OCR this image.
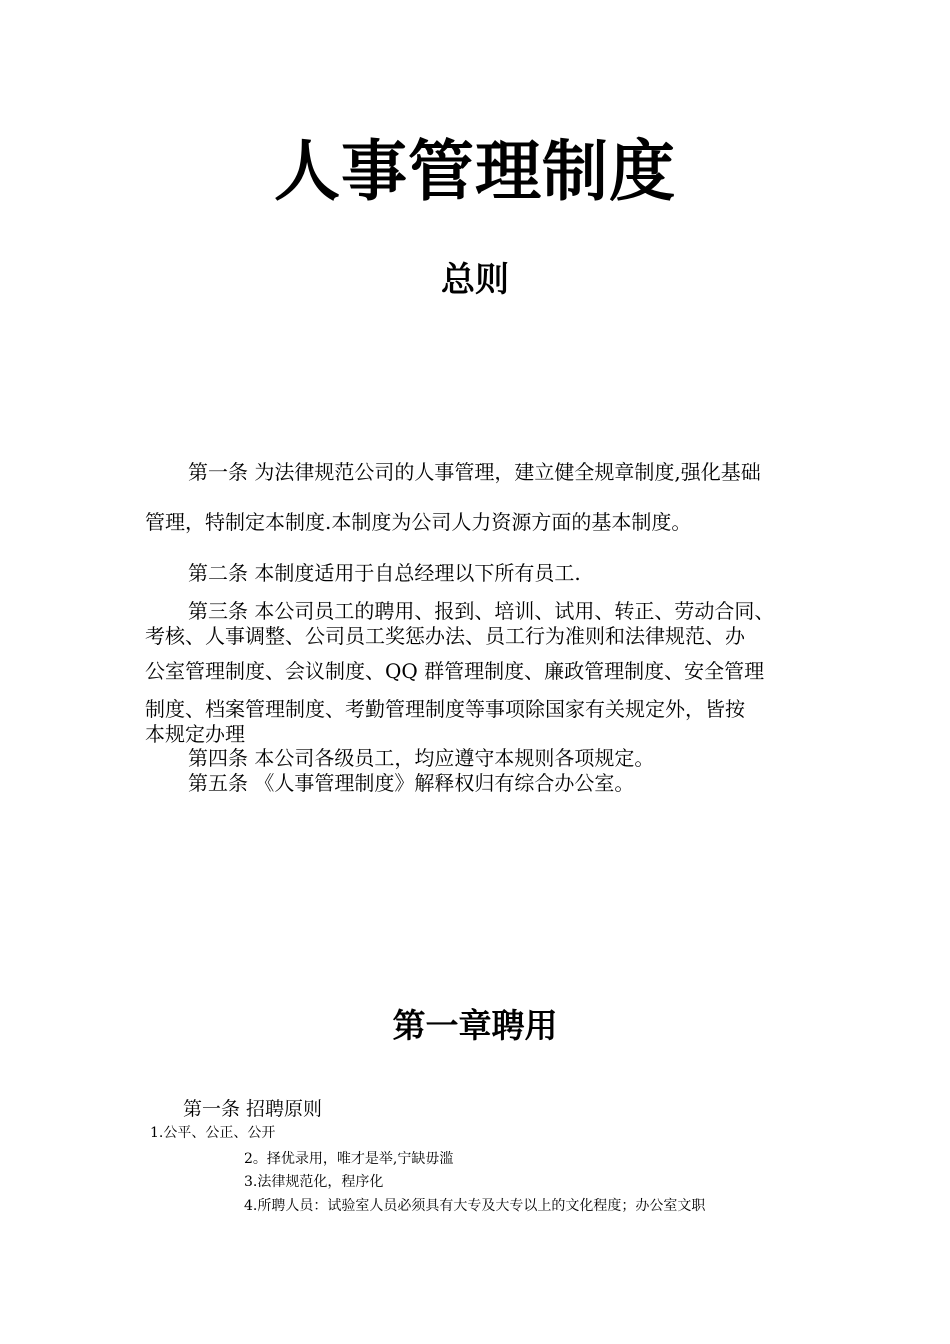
人事管理制度
总则
第一条 为法律规范公司的人事管理，建立健全规章制度,强化基础
管理，特制定本制度.本制度为公司人力资源方面的基本制度。
第二条 本制度适用于自总经理以下所有员工.
第三条 本公司员工的聘用、报到、培训、试用、转正、劳动合同、
考核、人事调整、公司员工奖惩办法、员工行为准则和法律规范、办
公室管理制度、会议制度、QQ 群管理制度、廉政管理制度、安全管理
制度、档案管理制度、考勤管理制度等事项除国家有关规定外，皆按
本规定办理
第四条 本公司各级员工，均应遵守本规则各项规定。
第五条 《人事管理制度》解释权归有综合办公室。
第一章聘用
第一条 招聘原则
1.公平、公正、公开
2。择优录用，唯才是举,宁缺毋滥
3.法律规范化，程序化
4.所聘人员：试验室人员必须具有大专及大专以上的文化程度；办公室文职
